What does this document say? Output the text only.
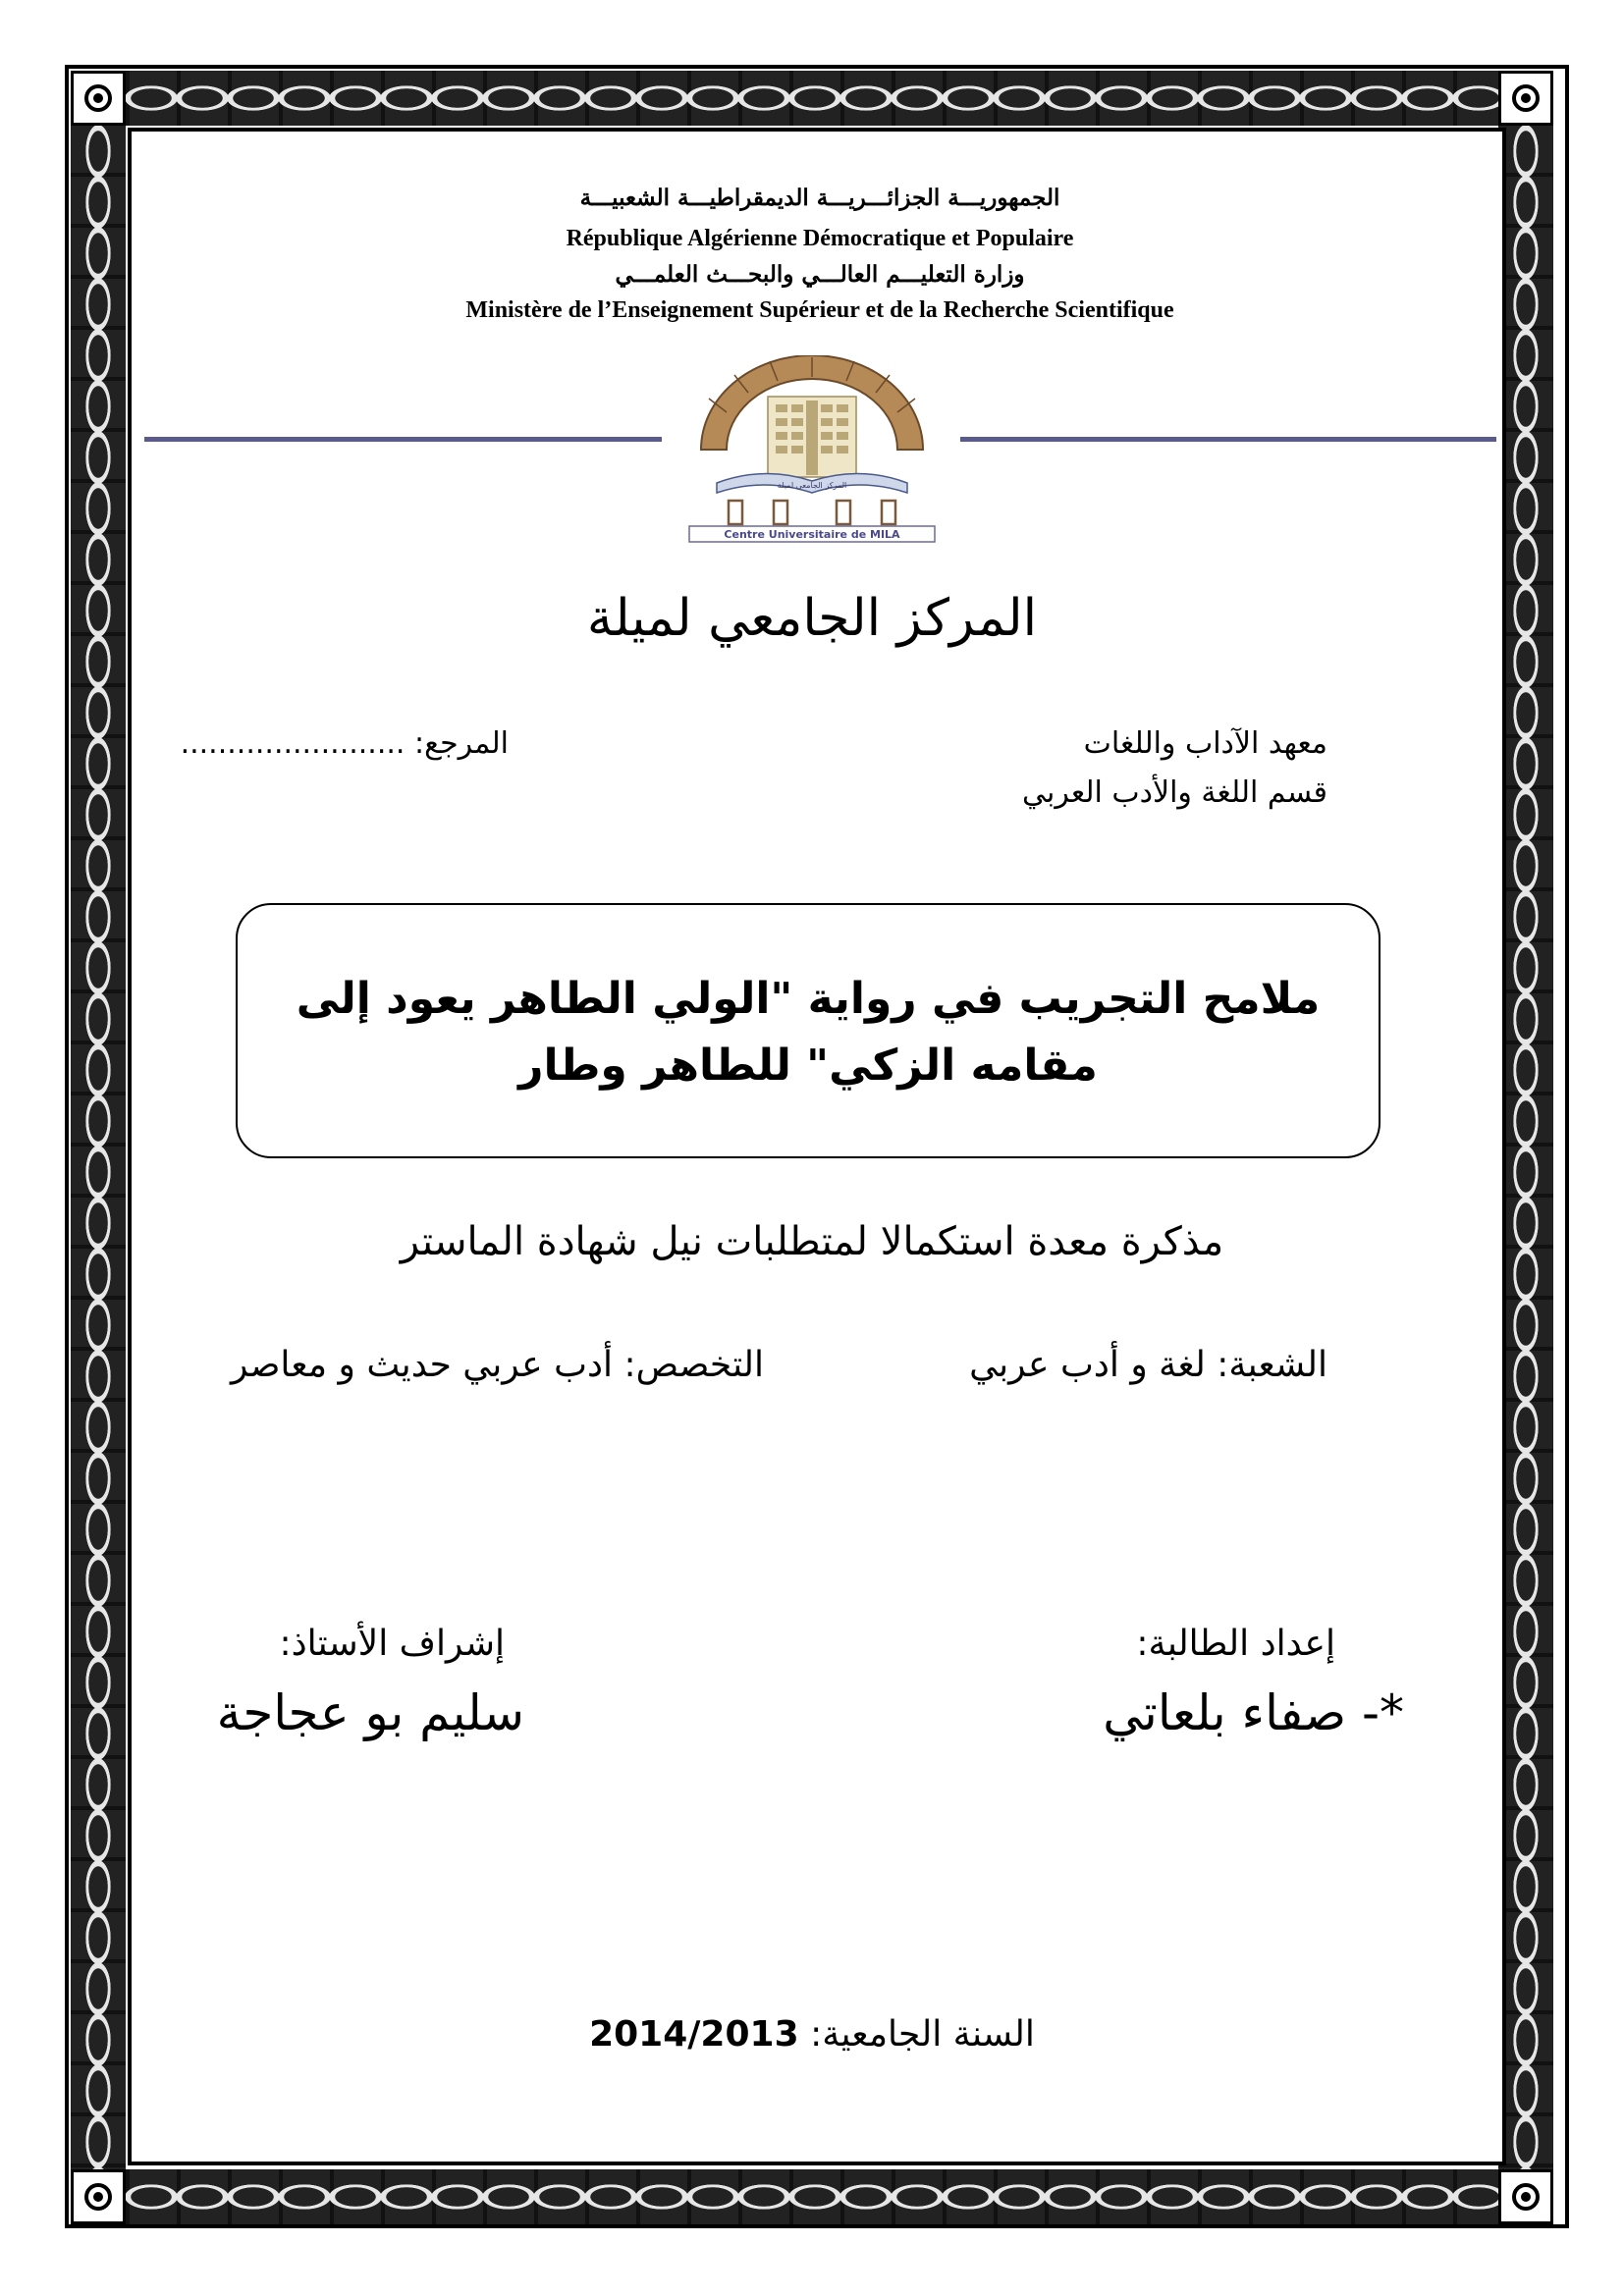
الجمهوريـــة الجزائـــريـــة الديمقراطيـــة الشعبيـــة
République Algérienne Démocratique et Populaire
وزارة التعليـــم العالـــي والبحـــث العلمـــي
Ministère de l’Enseignement Supérieur et de la Recherche Scientifique
المركز الجامعي لميلة
Centre Universitaire de MILA
المركز الجامعي لميلة
معهد الآداب واللغات
قسم اللغة والأدب العربي
المرجع: ........................
ملامح التجريب في رواية "الولي الطاهر يعود إلى مقامه الزكي" للطاهر وطار
مذكرة معدة استكمالا لمتطلبات نيل شهادة الماستر
الشعبة: لغة و أدب عربي
التخصص: أدب عربي حديث و معاصر
إعداد الطالبة:
إشراف الأستاذ:
*- صفاء بلعاتي
سليم بو عجاجة
السنة الجامعية: 2014/2013
